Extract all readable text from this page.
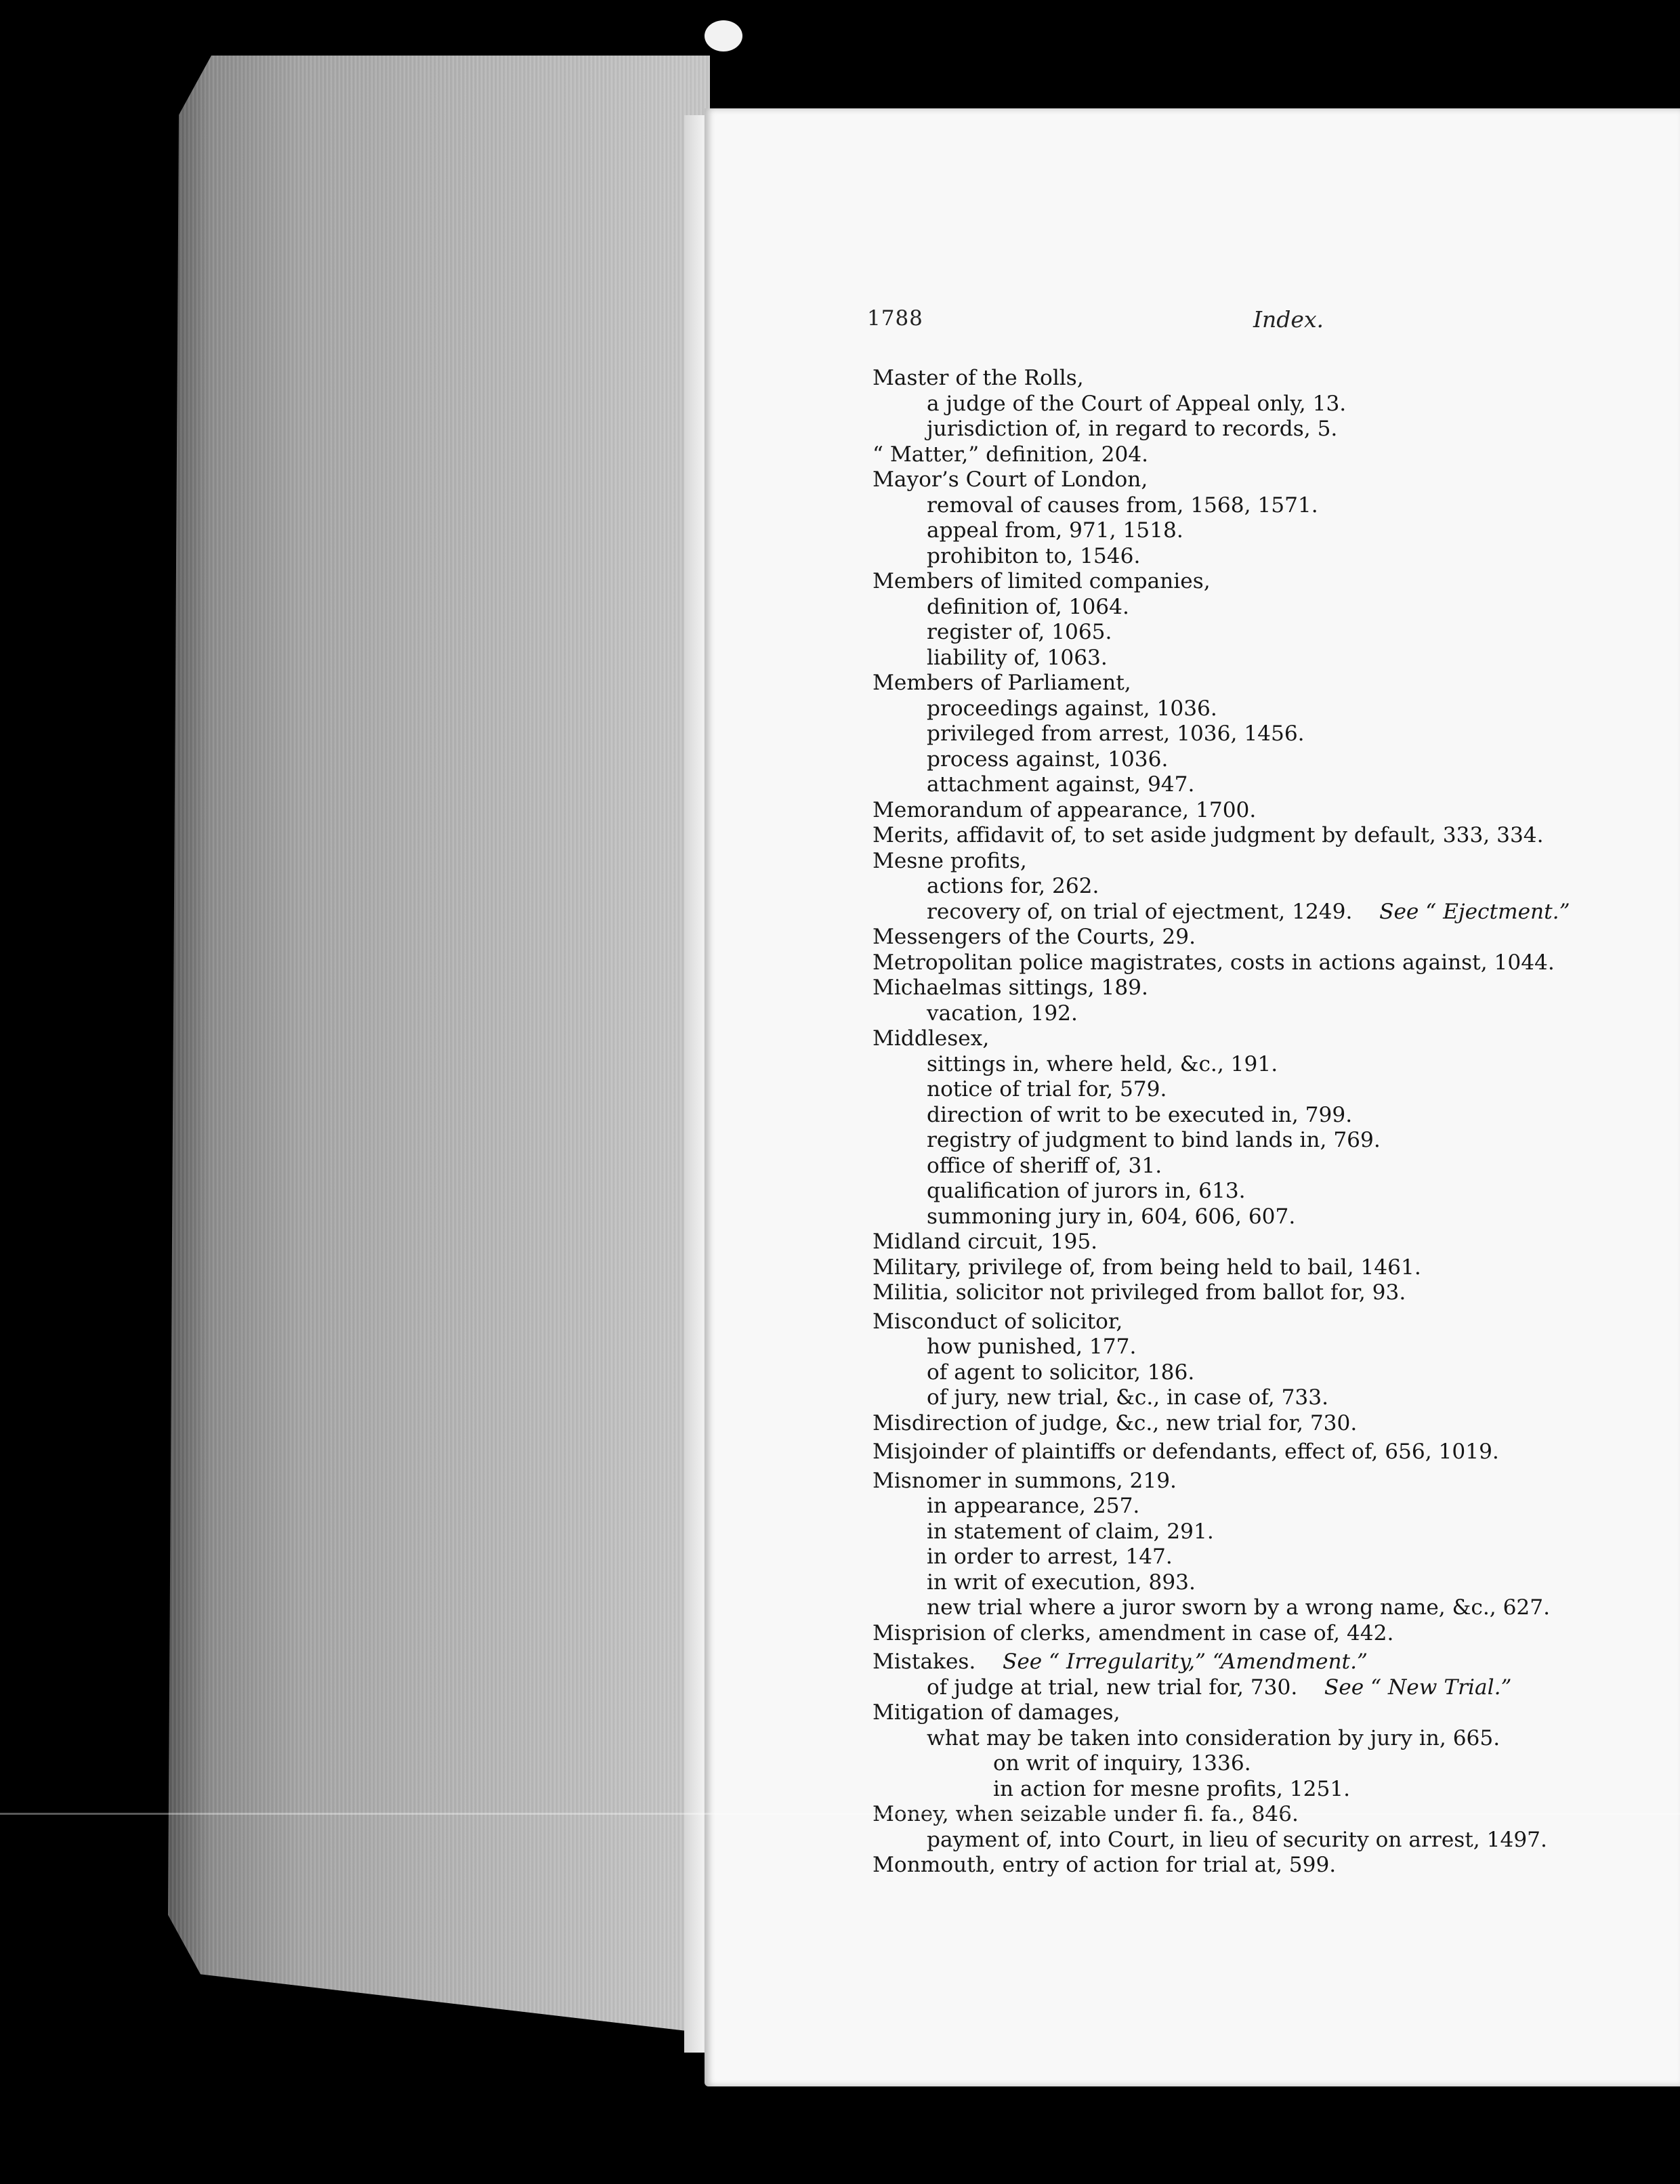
1788	Index.
Master of the Rolls,
a judge of the Court of Appeal only, 13.
jurisdiction of, in regard to records, 5.
“ Matter,” definition, 204.
Mayor’s Court of London,
removal of causes from, 1568, 1571.
appeal from, 971, 1518.
prohibiton to, 1546.
Members of limited companies,
definition of, 1064.
register of, 1065.
liability of, 1063.
Members of Parliament,
proceedings against, 1036.
privileged from arrest, 1036, 1456.
process against, 1036.
attachment against, 947.
Memorandum of appearance, 1700.
Merits, affidavit of, to set aside judgment by default, 333, 334.
Mesne profits,
actions for, 262.
recovery of, on trial of ejectment, 1249. See “ Ejectment.”
Messengers of the Courts, 29.
Metropolitan police magistrates, costs in actions against, 1044.
Michaelmas sittings, 189.
vacation, 192.
Middlesex,
sittings in, where held, &c., 191.
notice of trial for, 579.
direction of writ to be executed in, 799.
registry of judgment to bind lands in, 769.
office of sheriff of, 31.
qualification of jurors in, 613.
summoning jury in, 604, 606, 607.
Midland circuit, 195.
Military, privilege of, from being held to bail, 1461.
Militia, solicitor not privileged from ballot for, 93.
Misconduct of solicitor,
how punished, 177.
of agent to solicitor, 186.
of jury, new trial, &c., in case of, 733.
Misdirection of judge, &c., new trial for, 730.
Misjoinder of plaintiffs or defendants, effect of, 656, 1019.
Misnomer in summons, 219.
in appearance, 257.
in statement of claim, 291.
in order to arrest, 147.
in writ of execution, 893.
new trial where a juror sworn by a wrong name, &c., 627.
Misprision of clerks, amendment in case of, 442.
Mistakes. See “ Irregularity,” “Amendment.”
of judge at trial, new trial for, 730. See “ New Trial.”
Mitigation of damages,
what may be taken into consideration by jury in, 665.
on writ of inquiry, 1336.
in action for mesne profits, 1251.
Money, when seizable under fi. fa., 846.
payment of, into Court, in lieu of security on arrest, 1497.
Monmouth, entry of action for trial at, 599.
